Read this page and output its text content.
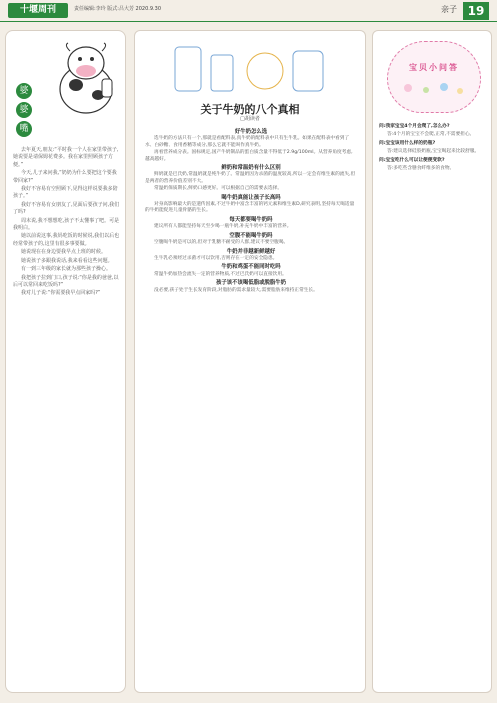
十堰周刊	责任编辑:李玲 版式:吕大芳 2020.9.30	亲子 19
婆
婆
嘴

去年夏天,朋友:“平时我一个人在家里带孩子,她说要是请保姆花费多。我在家里照顾孩子方便。”

今天,儿子来问我,“奶奶为什么要把这个要我带回家?”

我好不容易有空照顾下,见得这样说要我多陪孩子。”

我好不容易有女朋友了,见面后要孩子问,我们了吗?

周末说,我不想想吃,孩子不太懂事了吧。可是我明白。

她以前说这事,我妈吃饭的时候说,我们以后也经常带孩子的,这里有很多事要做。

她说现在在身边要我早点上班的时候。

她说孩子多跟我说话,我来看看这些问题。

有一到三年级的家长就为那些孩子操心。

我把孩子拉到门口,孩子说:“你是我的爸爸,以后可以常回来吃饭吗?”

我对儿子说:“你需要我早点回家吗?”

关于牛奶的八个真相
□胡读者
好牛奶怎么选

选牛奶的方法只有一个,那就是看配料表,真牛奶的配料表中只有生牛乳。如果在配料表中看到了水、白砂糖、食用香精等成分,那么它就不能叫作真牛奶。

再看营养成分表。国标规定,国产牛奶制品的蛋白质含量不得低于2.9g/100ml。从营养角度考虑,越高越好。

鲜奶和常温奶有什么区别

鲜奶就是巴氏奶,常温奶就是纯牛奶了。常温奶因为杀菌的温度较高,所以一定会有维生素的流失,但是两者的营养价值差别不大。

常温奶保质期长,鲜奶口感更好。可以根据自己的需要去选择。

喝牛奶真能让孩子长高吗

对身高影响最大的是遗传因素,不过牛奶中富含丰富的钙元素和维生素D,研究表明,坚持每天喝适量的牛奶能促进儿童骨骼的生长。

每天都要喝牛奶吗

建议所有人都能坚持每天至少喝一瓶牛奶,补充牛奶中丰富的营养。

空腹不能喝牛奶吗

空腹喝牛奶是可以的,但对于乳糖不耐受的人群,建议不要空腹喝。

牛奶并非越新鲜越好

生牛乳必须经过杀菌才可以饮用,否则存在一定的安全隐患。

牛奶和鸡蛋不能同时吃吗

常温牛奶加热会流失一定的营养物质,不过巴氏奶可以直接饮用。

孩子该不该喝低脂或脱脂牛奶

没必要,孩子处于生长发育阶段,对脂肪的需求量较大,需要脂肪来维持正常生长。

宝贝小问答

问:我家宝宝4个月会爬了,怎么办?

答:4个月的宝宝不会爬,正常,不需要担心。

问:宝宝该用什么样的奶瓶?

答:建议选择硅胶奶瓶,宝宝喝起来比较舒服。

问:宝宝吃什么可以让便便变软?

答:多吃些含膳食纤维多的食物。
